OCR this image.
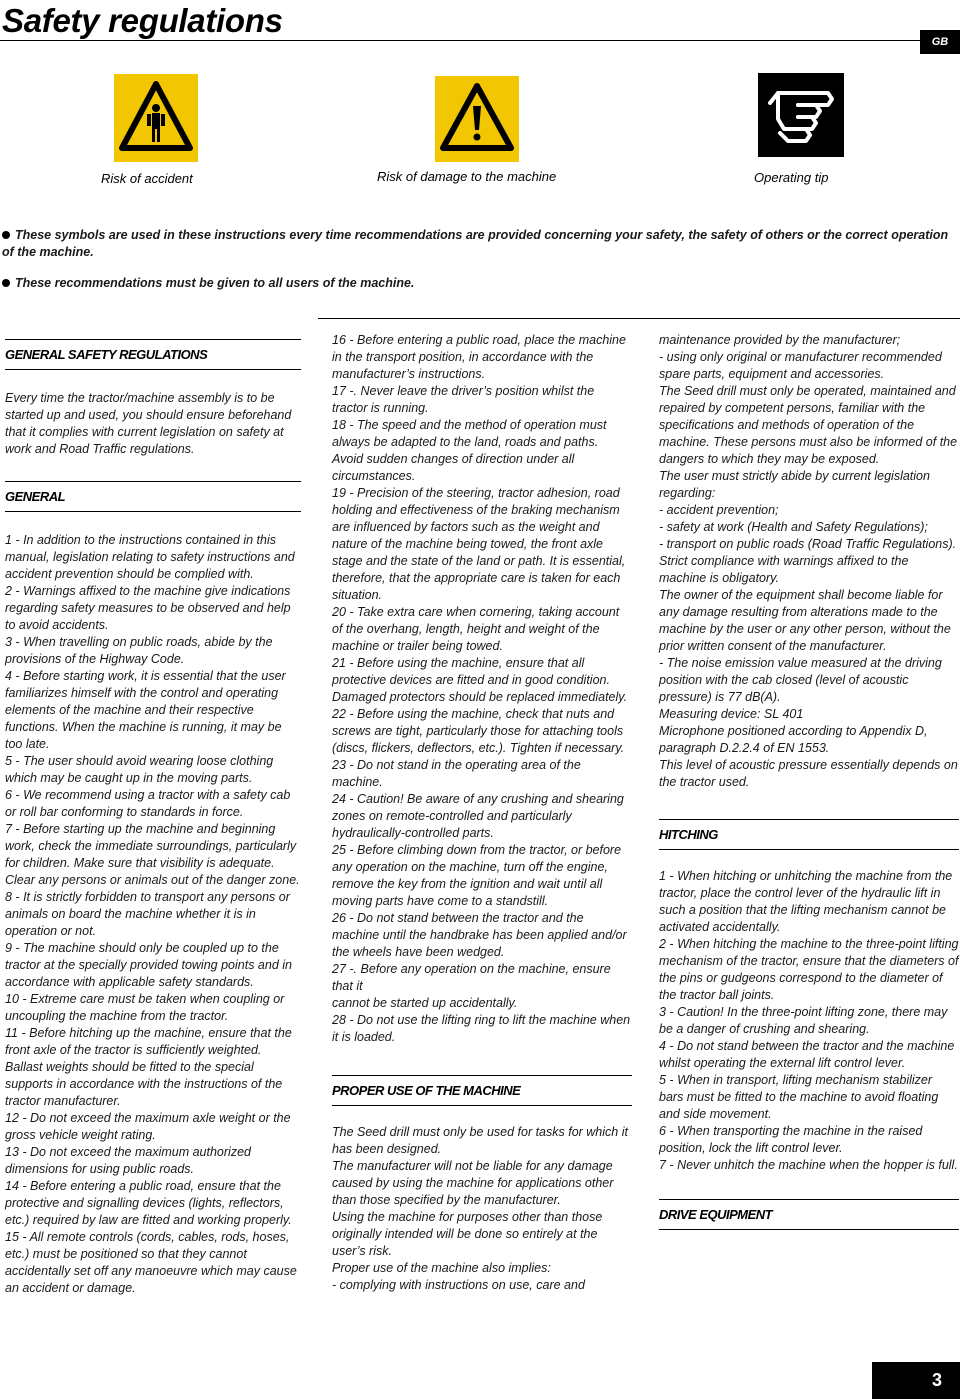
Safety regulations
GB
Risk of accident	Risk of damage to the machine	Operating tip
These symbols are used in these instructions every time recommendations are provided concerning your safety, the safety of others or the correct operation of the machine.
These recommendations must be given to all users of the machine.
GENERAL SAFETY REGULATIONS

Every time the tractor/machine assembly is to be started up and used, you should ensure beforehand that it complies with current legislation on safety at work and Road Traffic regulations.

GENERAL

1 - In addition to the instructions contained in this manual, legislation relating to safety instructions and accident prevention should be complied with.

2 - Warnings affixed to the machine give indications regarding safety measures to be observed and help to avoid accidents.

3 - When travelling on public roads, abide by the provisions of the Highway Code.

4 - Before starting work, it is essential that the user familiarizes himself with the control and operating elements of the machine and their respective functions. When the machine is running, it may be too late.

5 - The user should avoid wearing loose clothing which may be caught up in the moving parts.

6 - We recommend using a tractor with a safety cab or roll bar conforming to standards in force.

7 - Before starting up the machine and beginning work, check the immediate surroundings, particularly for children. Make sure that visibility is adequate. Clear any persons or animals out of the danger zone.

8 - It is strictly forbidden to transport any persons or animals on board the machine whether it is in operation or not.

9 - The machine should only be coupled up to the tractor at the specially provided towing points and in accordance with applicable safety standards.

10 - Extreme care must be taken when coupling or uncoupling the machine from the tractor.

11 - Before hitching up the machine, ensure that the front axle of the tractor is sufficiently weighted. Ballast weights should be fitted to the special supports in accordance with the instructions of the tractor manufacturer.

12 - Do not exceed the maximum axle weight or the gross vehicle weight rating.

13 - Do not exceed the maximum authorized dimensions for using public roads.

14 - Before entering a public road, ensure that the protective and signalling devices (lights, reflectors, etc.) required by law are fitted and working properly.

15 - All remote controls (cords, cables, rods, hoses, etc.) must be positioned so that they cannot accidentally set off any manoeuvre which may cause an accident or damage.

16 - Before entering a public road, place the machine in the transport position, in accordance with the manufacturer’s instructions.

17 -. Never leave the driver’s position whilst the tractor is running.

18 - The speed and the method of operation must always be adapted to the land, roads and paths. Avoid sudden changes of direction under all circumstances.

19 - Precision of the steering, tractor adhesion, road holding and effectiveness of the braking mechanism are influenced by factors such as the weight and nature of the machine being towed, the front axle stage and the state of the land or path. It is essential, therefore, that the appropriate care is taken for each situation.

20 - Take extra care when cornering, taking account of the overhang, length, height and weight of the machine or trailer being towed.

21 - Before using the machine, ensure that all protective devices are fitted and in good condition. Damaged protectors should be replaced immediately.

22 - Before using the machine, check that nuts and screws are tight, particularly those for attaching tools (discs, flickers, deflectors, etc.). Tighten if necessary.

23 - Do not stand in the operating area of the machine.

24 - Caution! Be aware of any crushing and shearing zones on remote-controlled and particularly hydraulically-controlled parts.

25 - Before climbing down from the tractor, or before any operation on the machine, turn off the engine, remove the key from the ignition and wait until all moving parts have come to a standstill.

26 - Do not stand between the tractor and the machine until the handbrake has been applied and/or the wheels have been wedged.

27 -. Before any operation on the machine, ensure that it
cannot be started up accidentally.

28 - Do not use the lifting ring to lift the machine when it is loaded.

PROPER USE OF THE MACHINE

The Seed drill must only be used for tasks for which it has been designed.

The manufacturer will not be liable for any damage caused by using the machine for applications other than those specified by the manufacturer.

Using the machine for purposes other than those originally intended will be done so entirely at the user’s risk.

Proper use of the machine also implies:

- complying with instructions on use, care and

maintenance provided by the manufacturer;

- using only original or manufacturer recommended spare parts, equipment and accessories.

The Seed drill must only be operated, maintained and repaired by competent persons, familiar with the specifications and methods of operation of the machine. These persons must also be informed of the dangers to which they may be exposed.

The user must strictly abide by current legislation regarding:

- accident prevention;

- safety at work (Health and Safety Regulations);

- transport on public roads (Road Traffic Regulations).

Strict compliance with warnings affixed to the machine is obligatory.

The owner of the equipment shall become liable for any damage resulting from alterations made to the machine by the user or any other person, without the prior written consent of the manufacturer.

- The noise emission value measured at the driving position with the cab closed (level of acoustic pressure) is 77 dB(A).

Measuring device: SL 401

Microphone positioned according to Appendix D, paragraph D.2.2.4 of EN 1553.

This level of acoustic pressure essentially depends on the tractor used.

HITCHING

1 - When hitching or unhitching the machine from the tractor, place the control lever of the hydraulic lift in such a position that the lifting mechanism cannot be activated accidentally.

2 - When hitching the machine to the three-point lifting mechanism of the tractor, ensure that the diameters of the pins or gudgeons correspond to the diameter of the tractor ball joints.

3 - Caution! In the three-point lifting zone, there may be a danger of crushing and shearing.

4 - Do not stand between the tractor and the machine whilst operating the external lift control lever.

5 - When in transport, lifting mechanism stabilizer bars must be fitted to the machine to avoid floating and side movement.

6 - When transporting the machine in the raised position, lock the lift control lever.

7 - Never unhitch the machine when the hopper is full.

DRIVE EQUIPMENT
3
